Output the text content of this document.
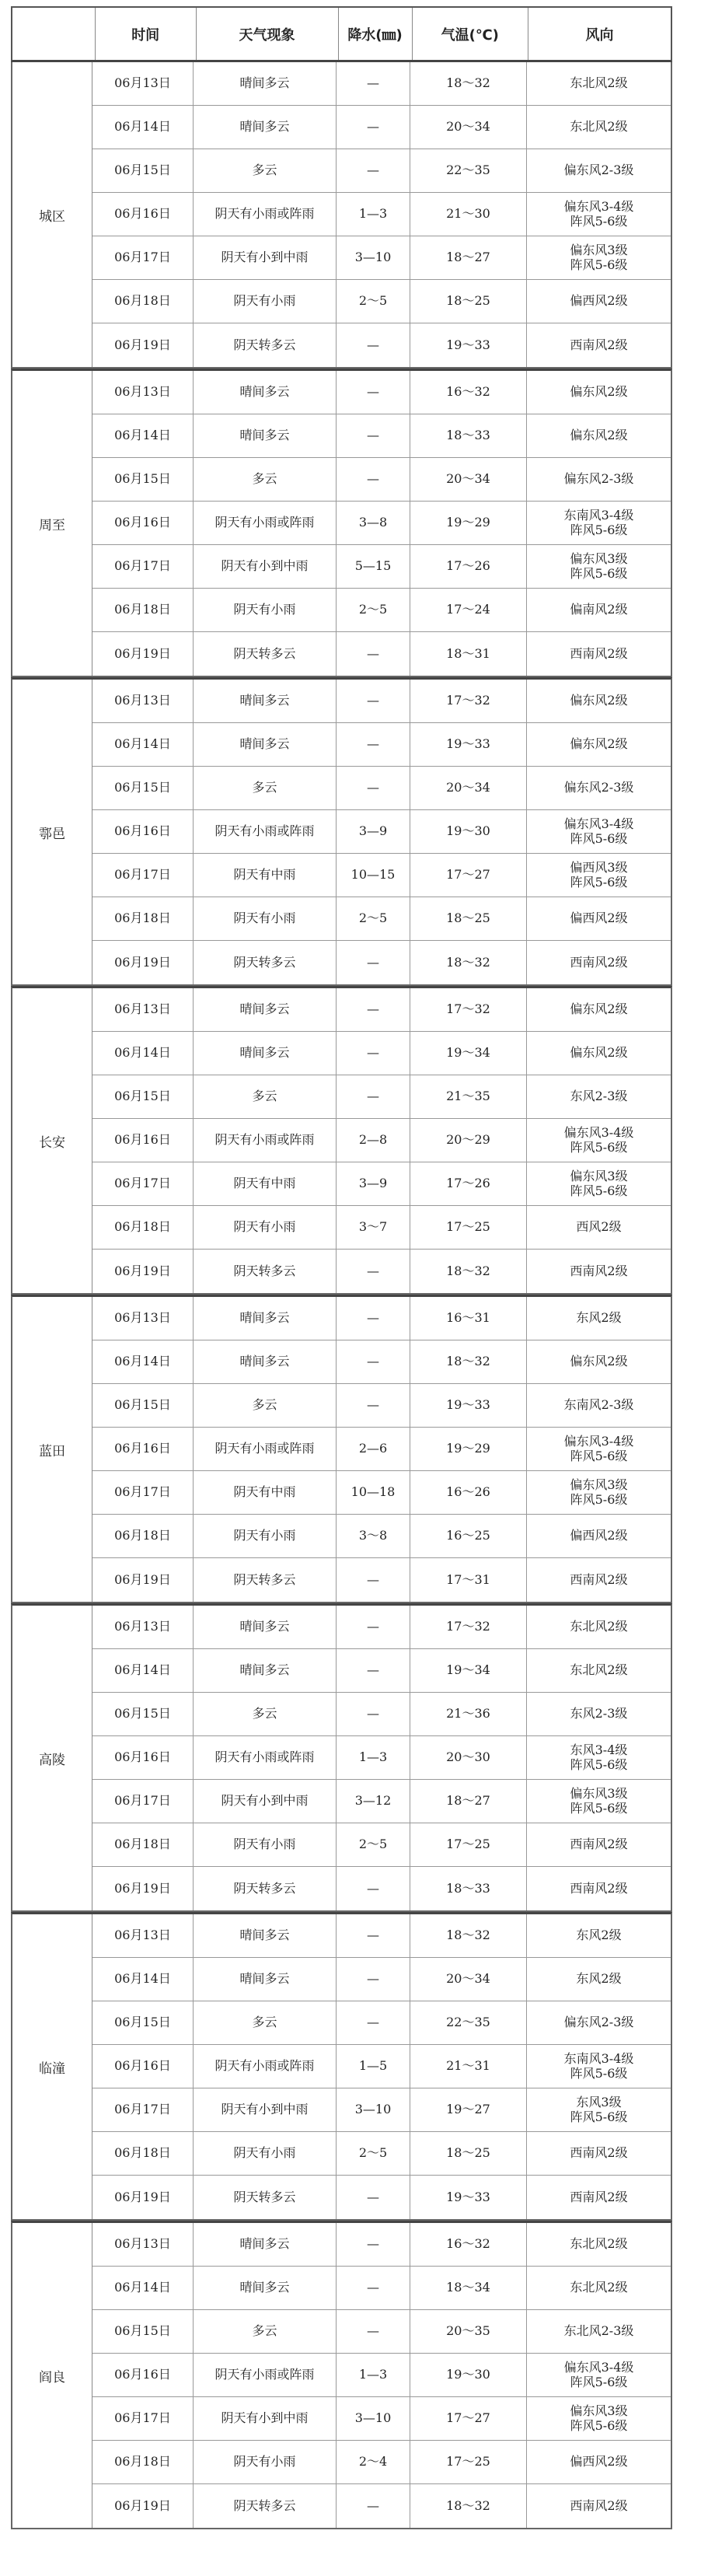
时间	天气现象	降水(㎜)	气温(℃)	风向
城区
06月13日	晴间多云	—	18～32	东北风2级
06月14日	晴间多云	—	20～34	东北风2级
06月15日	多云	—	22～35	偏东风2-3级
06月16日	阴天有小雨或阵雨	1—3	21～30	偏东风3-4级
阵风5-6级
06月17日	阴天有小到中雨	3—10	18～27	偏东风3级
阵风5-6级
06月18日	阴天有小雨	2～5	18～25	偏西风2级
06月19日	阴天转多云	—	19～33	西南风2级
周至
06月13日	晴间多云	—	16～32	偏东风2级
06月14日	晴间多云	—	18～33	偏东风2级
06月15日	多云	—	20～34	偏东风2-3级
06月16日	阴天有小雨或阵雨	3—8	19～29	东南风3-4级
阵风5-6级
06月17日	阴天有小到中雨	5—15	17～26	偏东风3级
阵风5-6级
06月18日	阴天有小雨	2～5	17～24	偏南风2级
06月19日	阴天转多云	—	18～31	西南风2级
鄠邑
06月13日	晴间多云	—	17～32	偏东风2级
06月14日	晴间多云	—	19～33	偏东风2级
06月15日	多云	—	20～34	偏东风2-3级
06月16日	阴天有小雨或阵雨	3—9	19～30	偏东风3-4级
阵风5-6级
06月17日	阴天有中雨	10—15	17～27	偏西风3级
阵风5-6级
06月18日	阴天有小雨	2～5	18～25	偏西风2级
06月19日	阴天转多云	—	18～32	西南风2级
长安
06月13日	晴间多云	—	17～32	偏东风2级
06月14日	晴间多云	—	19～34	偏东风2级
06月15日	多云	—	21～35	东风2-3级
06月16日	阴天有小雨或阵雨	2—8	20～29	偏东风3-4级
阵风5-6级
06月17日	阴天有中雨	3—9	17～26	偏东风3级
阵风5-6级
06月18日	阴天有小雨	3～7	17～25	西风2级
06月19日	阴天转多云	—	18～32	西南风2级
蓝田
06月13日	晴间多云	—	16～31	东风2级
06月14日	晴间多云	—	18～32	偏东风2级
06月15日	多云	—	19～33	东南风2-3级
06月16日	阴天有小雨或阵雨	2—6	19～29	偏东风3-4级
阵风5-6级
06月17日	阴天有中雨	10—18	16～26	偏东风3级
阵风5-6级
06月18日	阴天有小雨	3～8	16～25	偏西风2级
06月19日	阴天转多云	—	17～31	西南风2级
高陵
06月13日	晴间多云	—	17～32	东北风2级
06月14日	晴间多云	—	19～34	东北风2级
06月15日	多云	—	21～36	东风2-3级
06月16日	阴天有小雨或阵雨	1—3	20～30	东风3-4级
阵风5-6级
06月17日	阴天有小到中雨	3—12	18～27	偏东风3级
阵风5-6级
06月18日	阴天有小雨	2～5	17～25	西南风2级
06月19日	阴天转多云	—	18～33	西南风2级
临潼
06月13日	晴间多云	—	18～32	东风2级
06月14日	晴间多云	—	20～34	东风2级
06月15日	多云	—	22～35	偏东风2-3级
06月16日	阴天有小雨或阵雨	1—5	21～31	东南风3-4级
阵风5-6级
06月17日	阴天有小到中雨	3—10	19～27	东风3级
阵风5-6级
06月18日	阴天有小雨	2～5	18～25	西南风2级
06月19日	阴天转多云	—	19～33	西南风2级
阎良
06月13日	晴间多云	—	16～32	东北风2级
06月14日	晴间多云	—	18～34	东北风2级
06月15日	多云	—	20～35	东北风2-3级
06月16日	阴天有小雨或阵雨	1—3	19～30	偏东风3-4级
阵风5-6级
06月17日	阴天有小到中雨	3—10	17～27	偏东风3级
阵风5-6级
06月18日	阴天有小雨	2～4	17～25	偏西风2级
06月19日	阴天转多云	—	18～32	西南风2级
